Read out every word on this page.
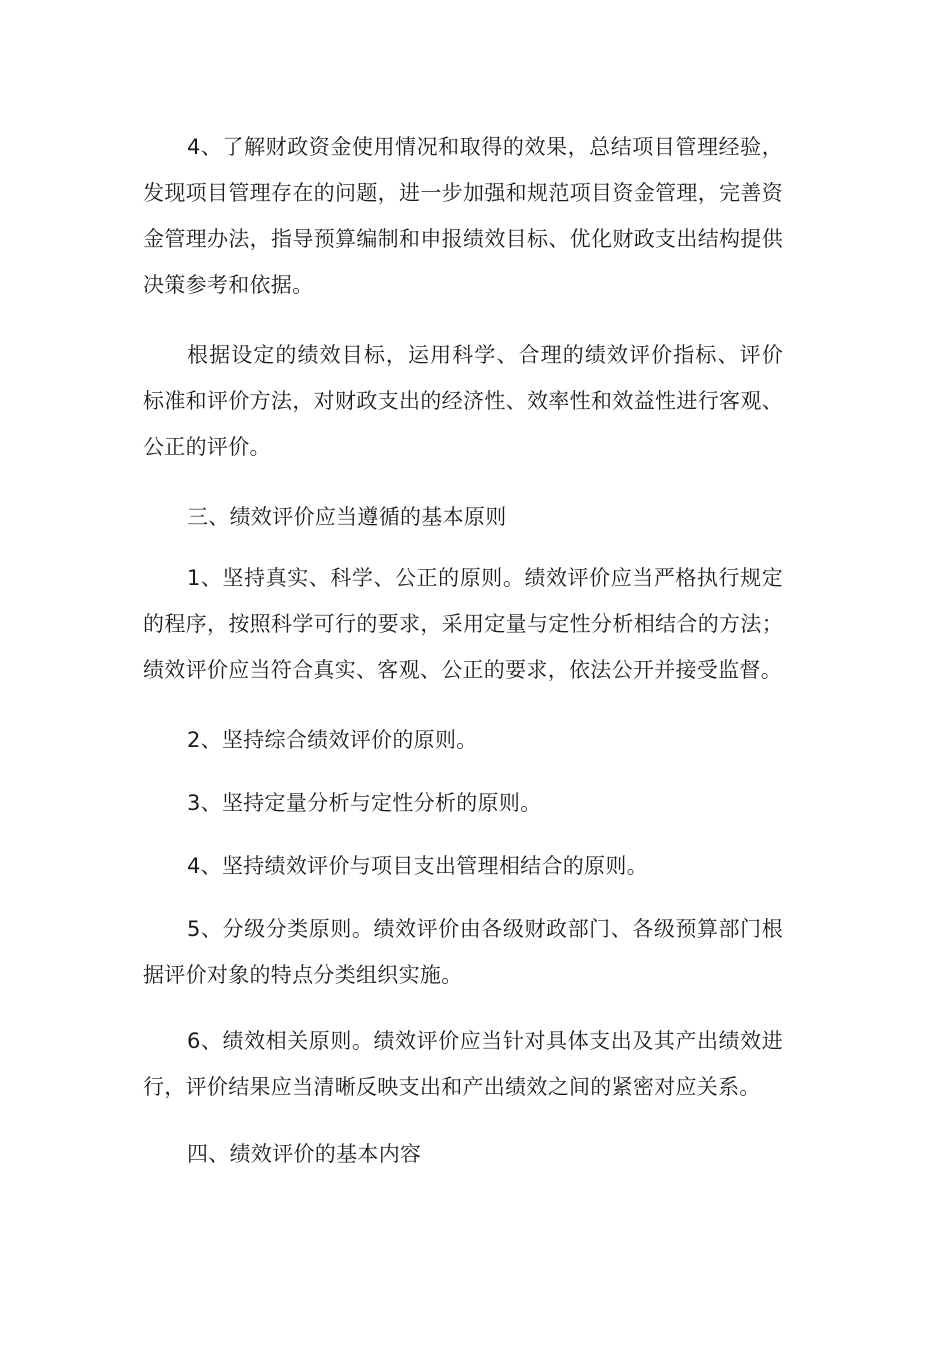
4、了解财政资金使用情况和取得的效果，总结项目管理经验，发现项目管理存在的问题，进一步加强和规范项目资金管理，完善资金管理办法，指导预算编制和申报绩效目标、优化财政支出结构提供决策参考和依据。

根据设定的绩效目标，运用科学、合理的绩效评价指标、评价标准和评价方法，对财政支出的经济性、效率性和效益性进行客观、公正的评价。

三、绩效评价应当遵循的基本原则

1、坚持真实、科学、公正的原则。绩效评价应当严格执行规定的程序，按照科学可行的要求，采用定量与定性分析相结合的方法；绩效评价应当符合真实、客观、公正的要求，依法公开并接受监督。

2、坚持综合绩效评价的原则。

3、坚持定量分析与定性分析的原则。

4、坚持绩效评价与项目支出管理相结合的原则。

5、分级分类原则。绩效评价由各级财政部门、各级预算部门根据评价对象的特点分类组织实施。

6、绩效相关原则。绩效评价应当针对具体支出及其产出绩效进行，评价结果应当清晰反映支出和产出绩效之间的紧密对应关系。

四、绩效评价的基本内容
